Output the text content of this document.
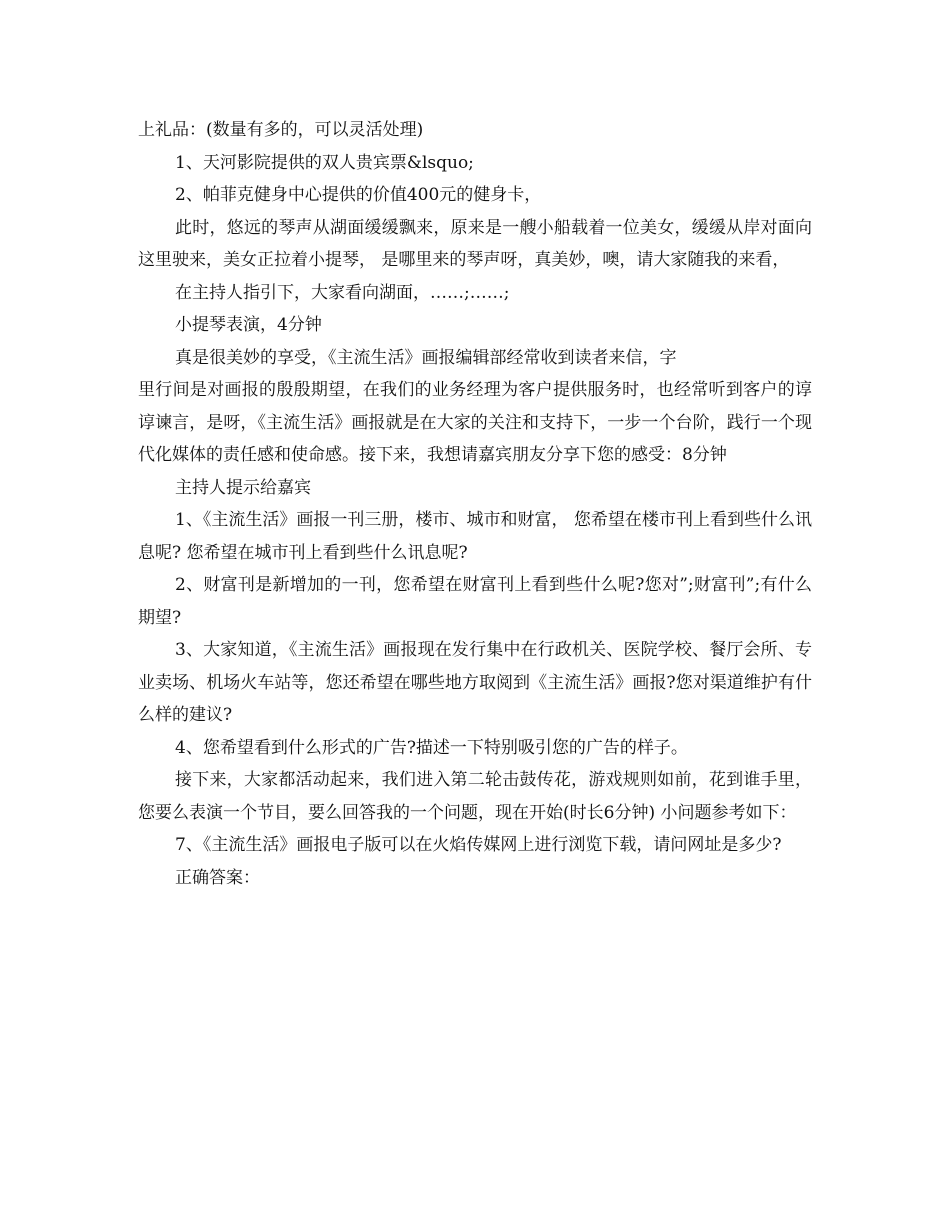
上礼品：(数量有多的，可以灵活处理)

1、天河影院提供的双人贵宾票&lsquo;

2、帕菲克健身中心提供的价值400元的健身卡，

此时，悠远的琴声从湖面缓缓飘来，原来是一艘小船载着一位美女，缓缓从岸对面向这里驶来，美女正拉着小提琴， 是哪里来的琴声呀，真美妙，噢，请大家随我的来看，

在主持人指引下，大家看向湖面，……;……;

小提琴表演，4分钟

真是很美妙的享受，《主流生活》画报编辑部经常收到读者来信，字

里行间是对画报的殷殷期望，在我们的业务经理为客户提供服务时，也经常听到客户的谆谆谏言，是呀，《主流生活》画报就是在大家的关注和支持下，一步一个台阶，践行一个现代化媒体的责任感和使命感。接下来，我想请嘉宾朋友分享下您的感受：8分钟

主持人提示给嘉宾

1、《主流生活》画报一刊三册，楼市、城市和财富， 您希望在楼市刊上看到些什么讯息呢? 您希望在城市刊上看到些什么讯息呢?

2、财富刊是新增加的一刊，您希望在财富刊上看到些什么呢?您对”;财富刊”;有什么期望?

3、大家知道，《主流生活》画报现在发行集中在行政机关、医院学校、餐厅会所、专业卖场、机场火车站等，您还希望在哪些地方取阅到《主流生活》画报?您对渠道维护有什么样的建议?

4、您希望看到什么形式的广告?描述一下特别吸引您的广告的样子。

接下来，大家都活动起来，我们进入第二轮击鼓传花，游戏规则如前，花到谁手里，您要么表演一个节目，要么回答我的一个问题，现在开始(时长6分钟) 小问题参考如下：

7、《主流生活》画报电子版可以在火焰传媒网上进行浏览下载，请问网址是多少?

正确答案：
